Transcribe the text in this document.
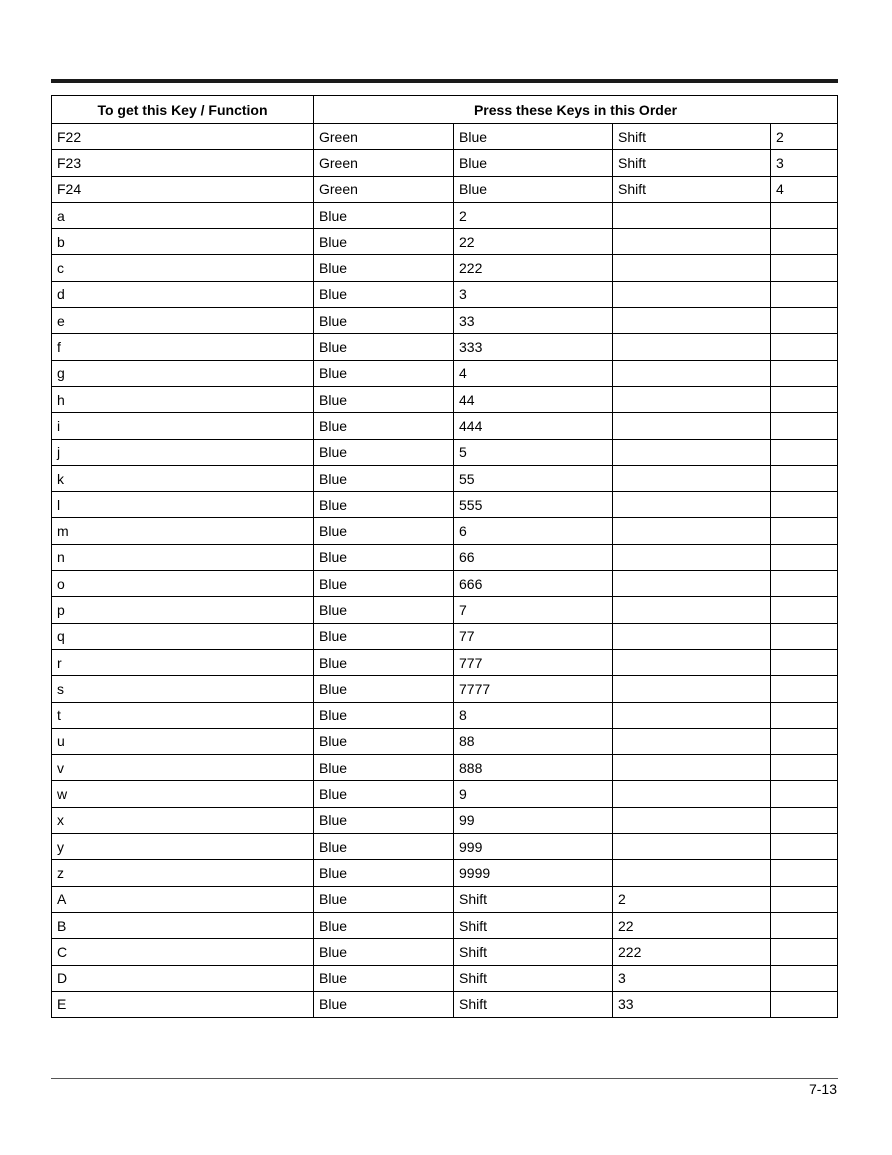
To get this Key / Function	Press these Keys in this Order			
F22	Green	Blue	Shift	2
F23	Green	Blue	Shift	3
F24	Green	Blue	Shift	4
a	Blue	2		
b	Blue	22		
c	Blue	222		
d	Blue	3		
e	Blue	33		
f	Blue	333		
g	Blue	4		
h	Blue	44		
i	Blue	444		
j	Blue	5		
k	Blue	55		
l	Blue	555		
m	Blue	6		
n	Blue	66		
o	Blue	666		
p	Blue	7		
q	Blue	77		
r	Blue	777		
s	Blue	7777		
t	Blue	8		
u	Blue	88		
v	Blue	888		
w	Blue	9		
x	Blue	99		
y	Blue	999		
z	Blue	9999		
A	Blue	Shift	2	
B	Blue	Shift	22	
C	Blue	Shift	222	
D	Blue	Shift	3	
E	Blue	Shift	33	
7-13
